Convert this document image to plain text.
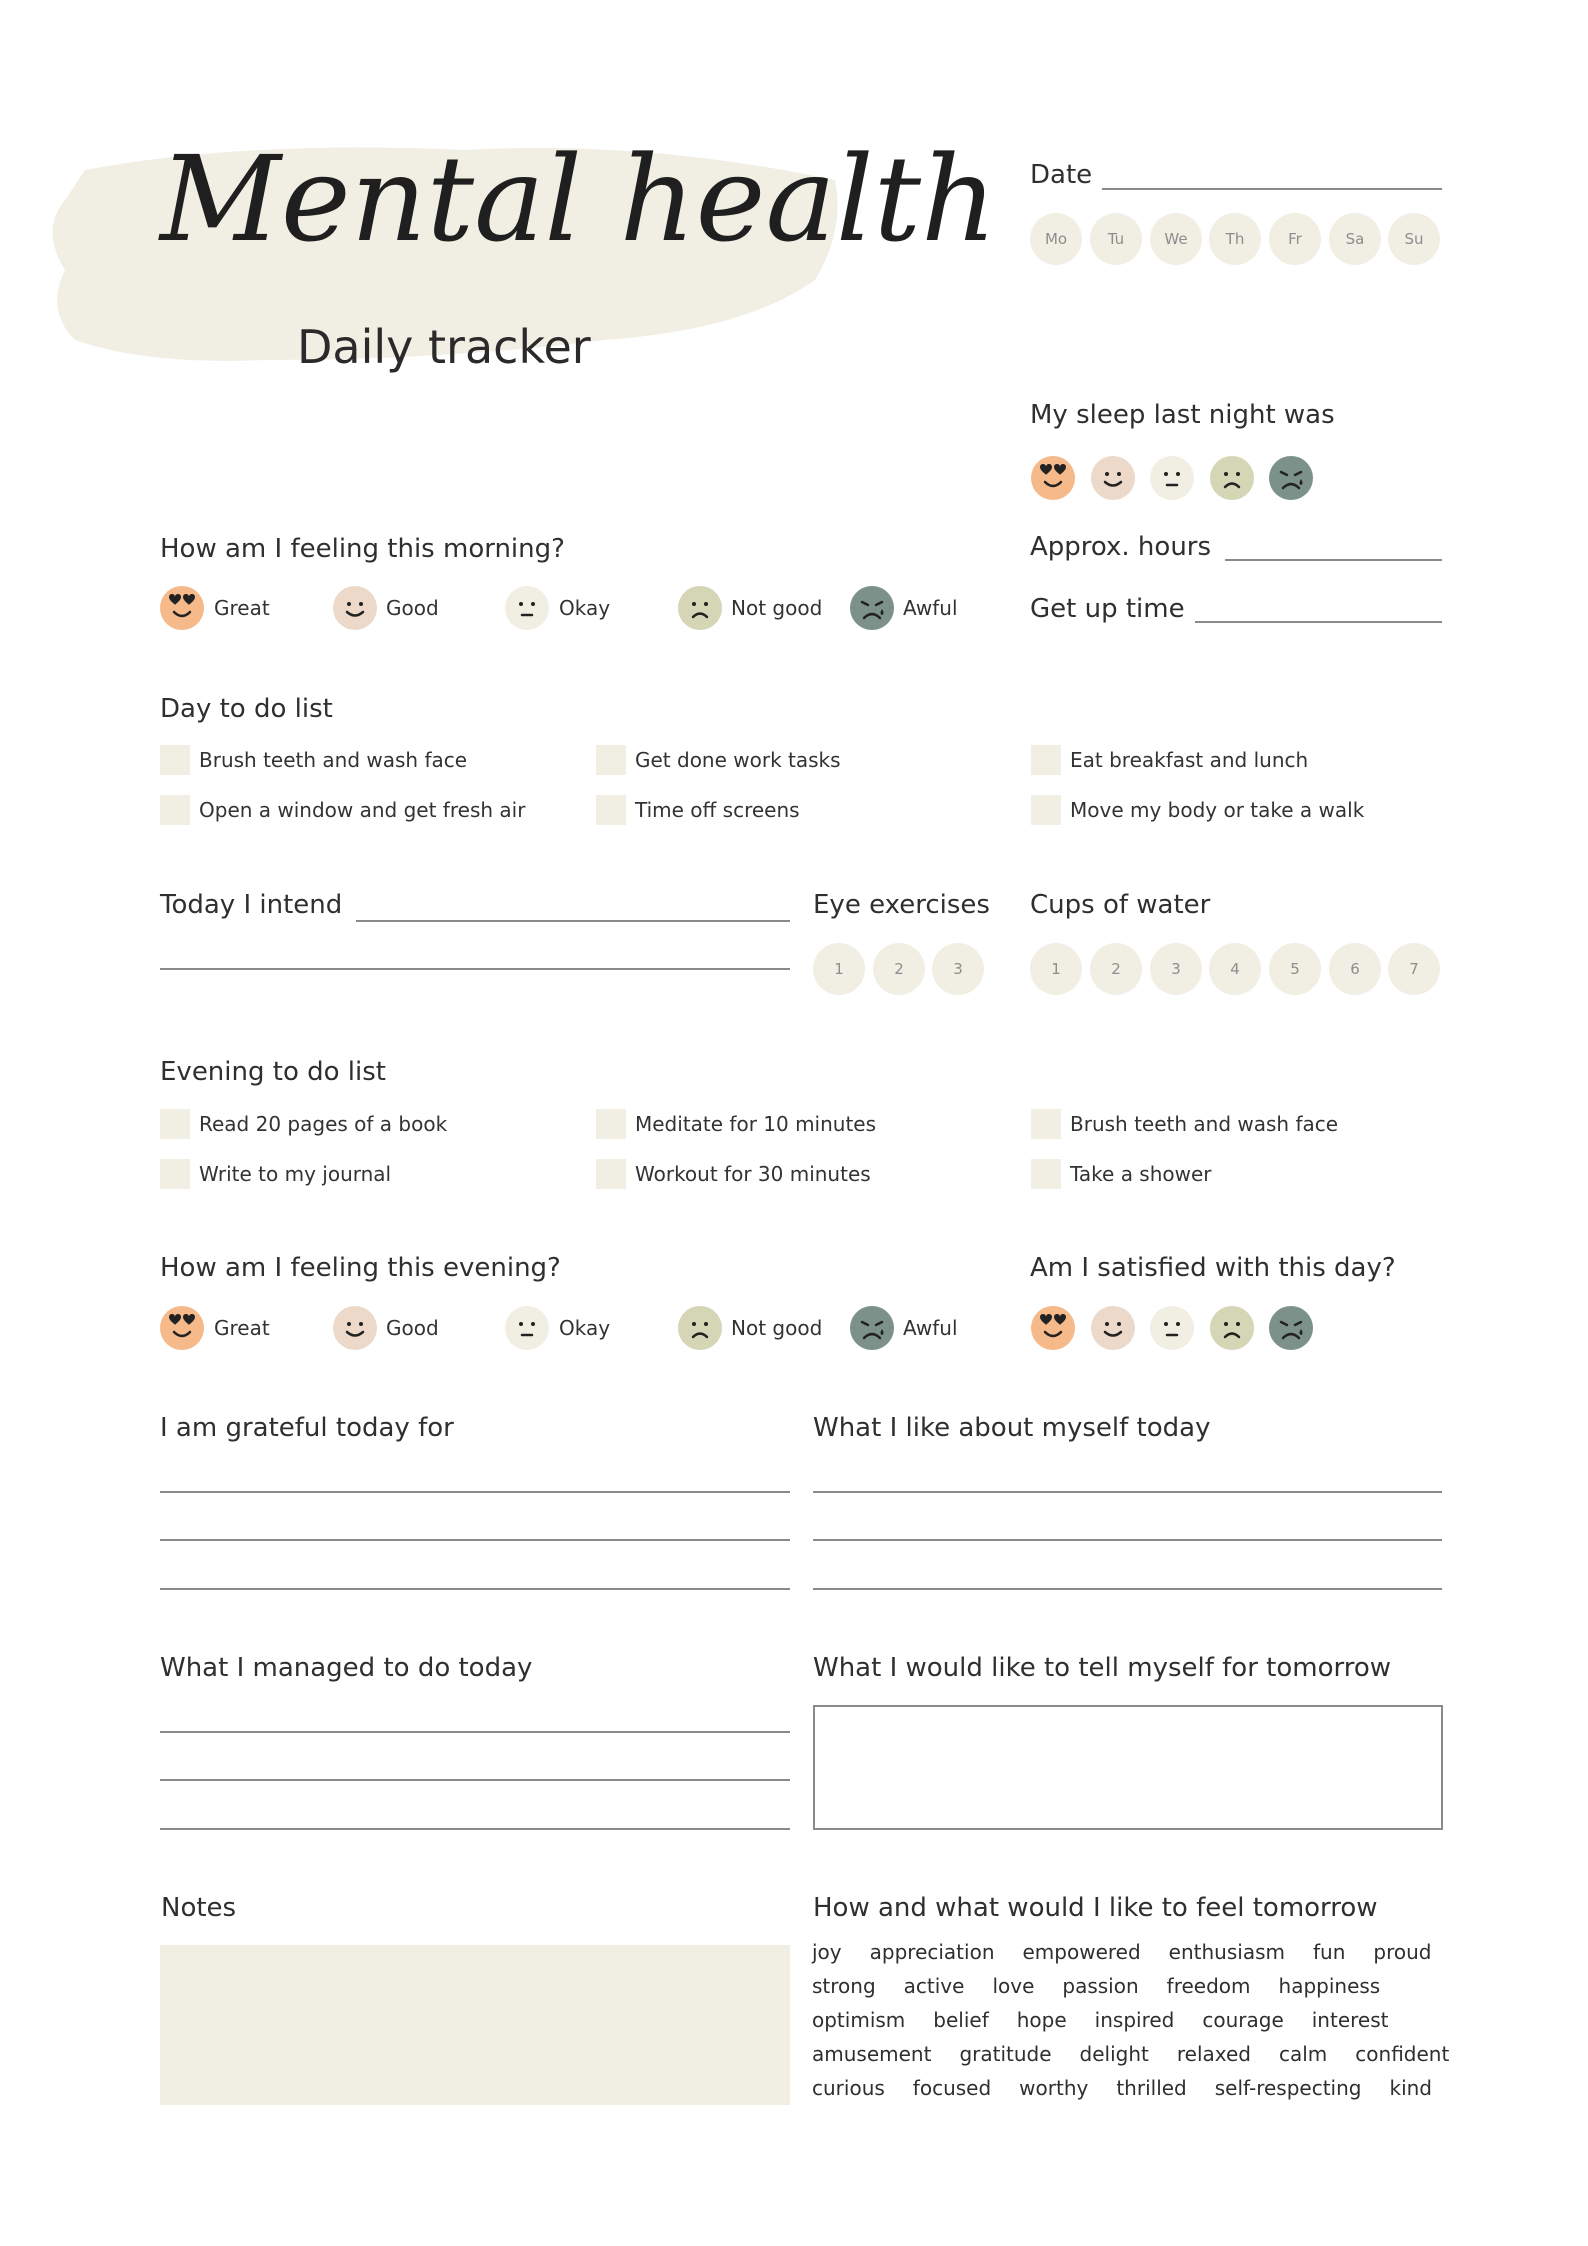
Mental health
Daily tracker
Date
Mo	Tu	We	Th	Fr	Sa	Su
My sleep last night was
Approx. hours
Get up time
How am I feeling this morning?
Great	Good	Okay	Not good	Awful
Day to do list
Brush teeth and wash face	Get done work tasks	Eat breakfast and lunch
Open a window and get fresh air	Time off screens	Move my body or take a walk
Today I intend	Eye exercises
1	2	3
Cups of water
1	2	3	4	5	6	7
Evening to do list
Read 20 pages of a book	Meditate for 10 minutes	Brush teeth and wash face
Write to my journal	Workout for 30 minutes	Take a shower
How am I feeling this evening?
Great	Good	Okay	Not good	Awful
Am I satisfied with this day?
I am grateful today for	What I like about myself today
What I managed to do today	What I would like to tell myself for tomorrow
Notes	How and what would I like to feel tomorrow
joy appreciation empowered enthusiasm fun proud
strong active love passion freedom happiness
optimism belief hope inspired courage interest
amusement gratitude delight relaxed calm confident
curious focused worthy thrilled self-respecting kind
